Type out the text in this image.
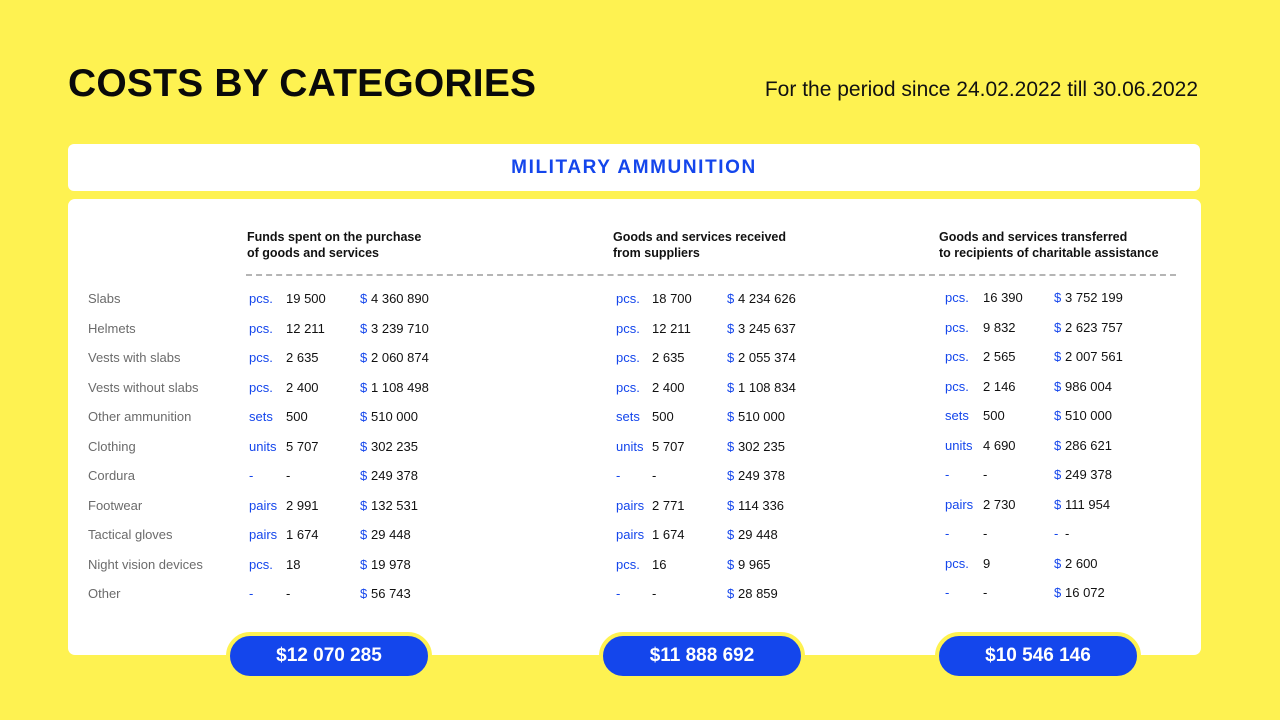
COSTS BY CATEGORIES	For the period since 24.02.2022 till 30.06.2022
MILITARY AMMUNITION
Funds spent on the purchase
of goods and services
Goods and services received
from suppliers
Goods and services transferred
to recipients of charitable assistance
Slabs	pcs. 19 500	$ 4 360 890	pcs. 18 700	$ 4 234 626	pcs. 16 390 $ 3 752 199
Helmets	pcs. 12 211	$ 3 239 710	pcs. 12 211	$ 3 245 637	pcs. 9 832	$ 2 623 757
Vests with slabs	pcs. 2 635	$ 2 060 874	pcs. 2 635	$ 2 055 374	pcs. 2 565	$ 2 007 561
Vests without slabs	pcs. 2 400	$ 1 108 498	pcs. 2 400	$ 1 108 834	pcs. 2 146	$ 986 004
Other ammunition	sets 500	$ 510 000	sets 500	$ 510 000	sets 500	$ 510 000
Clothing	units 5 707	$ 302 235	units 5 707	$ 302 235	units 4 690	$ 286 621
Cordura	-	-	$ 249 378	- -	$ 249 378	-	-	$ 249 378
Footwear	pairs 2 991	$ 132 531	pairs 2 771	$ 114 336	pairs 2 730	$ 111 954
Tactical gloves	pairs 1 674	$ 29 448	pairs 1 674	$ 29 448	-	-	- -
Night vision devices	pcs. 18	$ 19 978	pcs. 16	$ 9 965	pcs. 9	$ 2 600
Other	-	-	$ 56 743	- -	$ 28 859	-	-	$ 16 072
$12 070 285	$11 888 692	$10 546 146
